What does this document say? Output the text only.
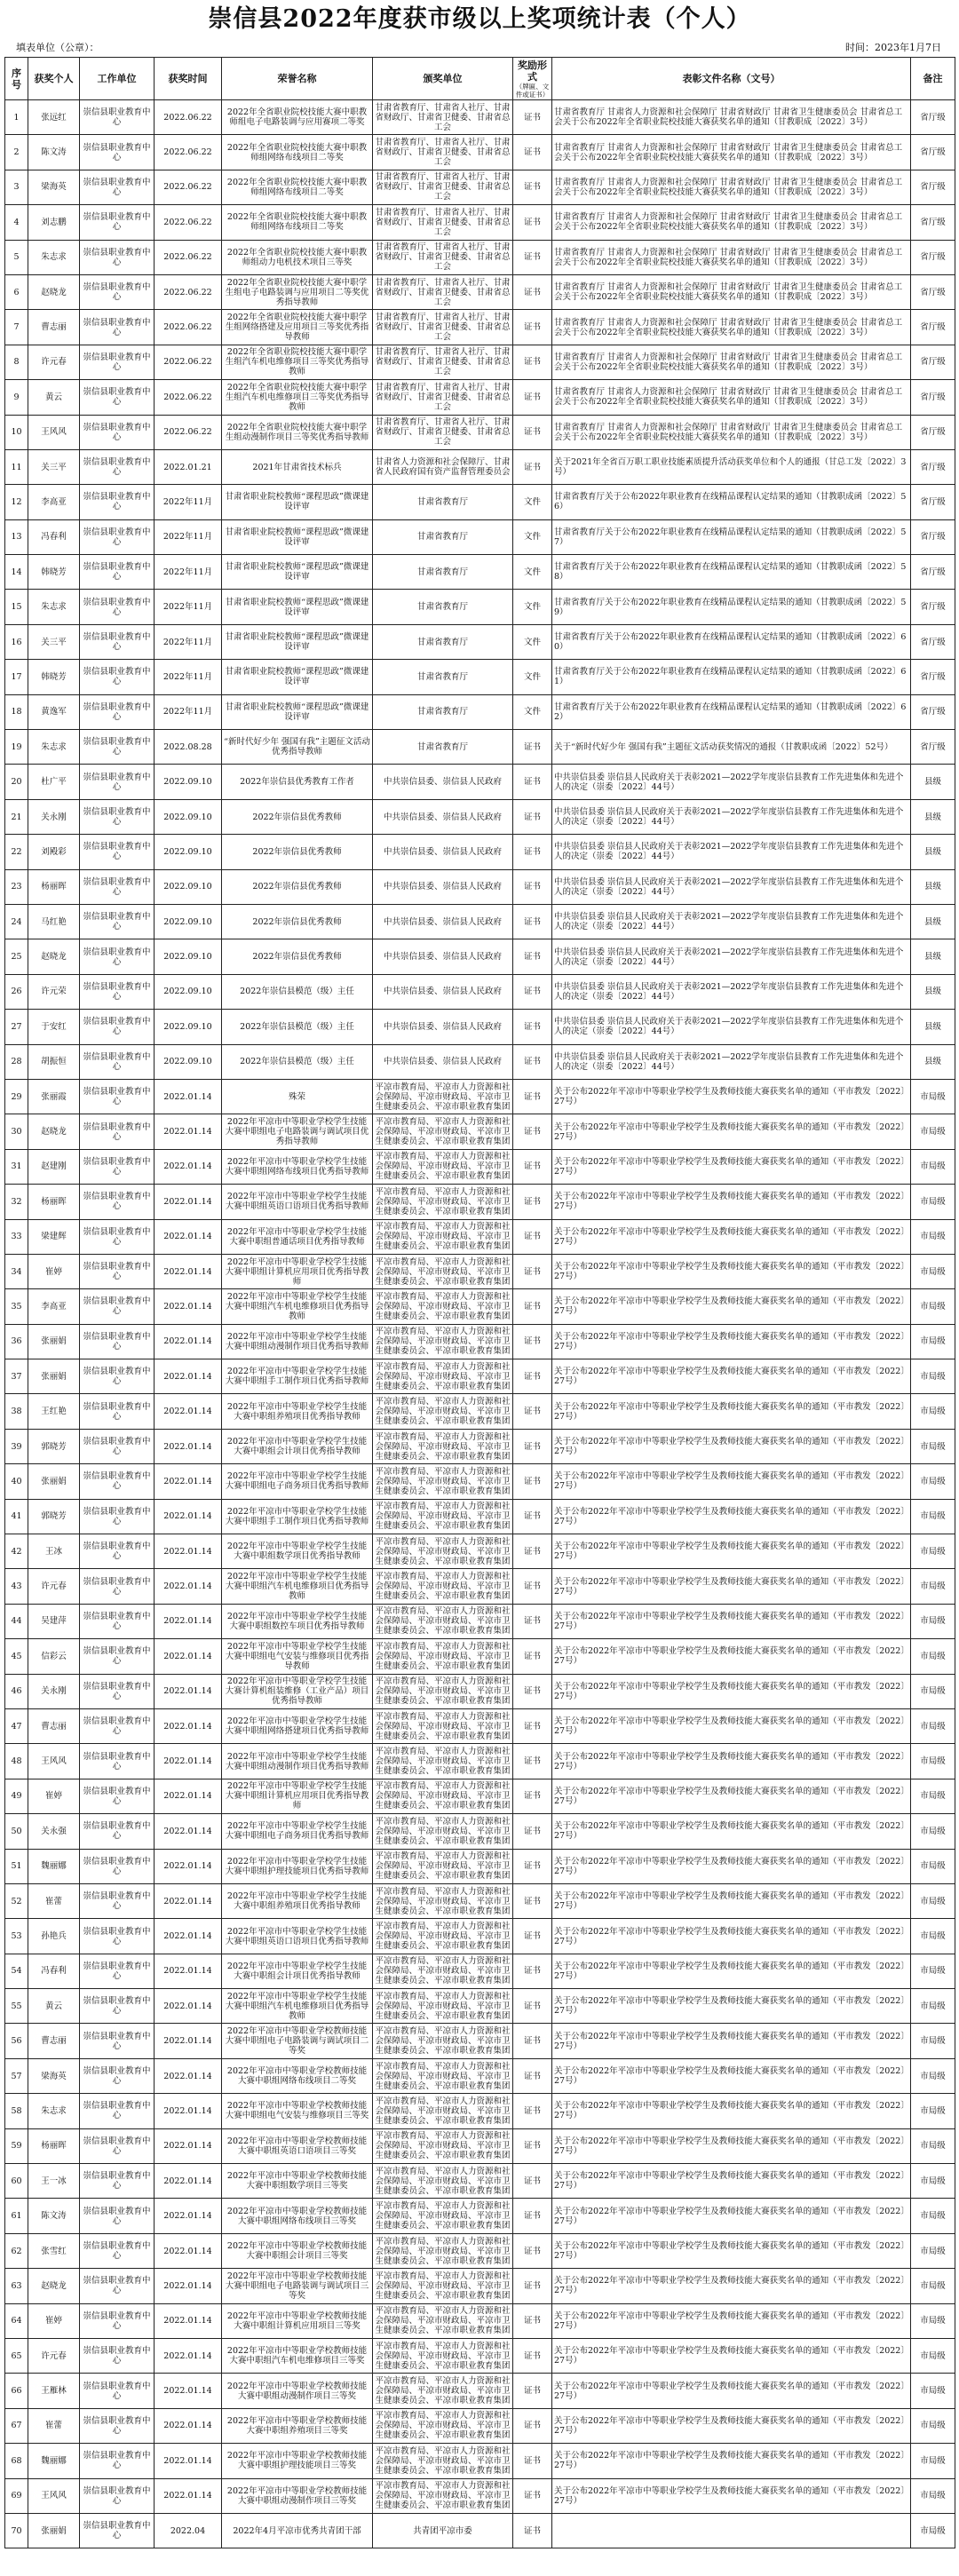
崇信县2022年度获市级以上奖项统计表（个人）
填表单位（公章）：	时间：2023年1月7日
序号	获奖个人	工作单位	获奖时间	荣誉名称	颁奖单位	奖励形式
（牌匾、文件或证书）	表彰文件名称（文号）	备注
1	张远红	崇信县职业教育中心	2022.06.22	2022年全省职业院校技能大赛中职教师组电子电路装调与应用赛项二等奖	甘肃省教育厅、甘肃省人社厅、甘肃省财政厅、甘肃省卫健委、甘肃省总工会	证书	甘肃省教育厅 甘肃省人力资源和社会保障厅 甘肃省财政厅 甘肃省卫生健康委员会 甘肃省总工会关于公布2022年全省职业院校技能大赛获奖名单的通知（甘教职成〔2022〕3号）	省厅级
2	陈文涛	崇信县职业教育中心	2022.06.22	2022年全省职业院校技能大赛中职教师组网络布线项目二等奖	甘肃省教育厅、甘肃省人社厅、甘肃省财政厅、甘肃省卫健委、甘肃省总工会	证书	甘肃省教育厅 甘肃省人力资源和社会保障厅 甘肃省财政厅 甘肃省卫生健康委员会 甘肃省总工会关于公布2022年全省职业院校技能大赛获奖名单的通知（甘教职成〔2022〕3号）	省厅级
3	梁海英	崇信县职业教育中心	2022.06.22	2022年全省职业院校技能大赛中职教师组网络布线项目二等奖	甘肃省教育厅、甘肃省人社厅、甘肃省财政厅、甘肃省卫健委、甘肃省总工会	证书	甘肃省教育厅 甘肃省人力资源和社会保障厅 甘肃省财政厅 甘肃省卫生健康委员会 甘肃省总工会关于公布2022年全省职业院校技能大赛获奖名单的通知（甘教职成〔2022〕3号）	省厅级
4	刘志鹏	崇信县职业教育中心	2022.06.22	2022年全省职业院校技能大赛中职教师组网络布线项目二等奖	甘肃省教育厅、甘肃省人社厅、甘肃省财政厅、甘肃省卫健委、甘肃省总工会	证书	甘肃省教育厅 甘肃省人力资源和社会保障厅 甘肃省财政厅 甘肃省卫生健康委员会 甘肃省总工会关于公布2022年全省职业院校技能大赛获奖名单的通知（甘教职成〔2022〕3号）	省厅级
5	朱志求	崇信县职业教育中心	2022.06.22	2022年全省职业院校技能大赛中职教师组动力电机技术项目三等奖	甘肃省教育厅、甘肃省人社厅、甘肃省财政厅、甘肃省卫健委、甘肃省总工会	证书	甘肃省教育厅 甘肃省人力资源和社会保障厅 甘肃省财政厅 甘肃省卫生健康委员会 甘肃省总工会关于公布2022年全省职业院校技能大赛获奖名单的通知（甘教职成〔2022〕3号）	省厅级
6	赵晓龙	崇信县职业教育中心	2022.06.22	2022年全省职业院校技能大赛中职学生组电子电路装调与应用项目二等奖优秀指导教师	甘肃省教育厅、甘肃省人社厅、甘肃省财政厅、甘肃省卫健委、甘肃省总工会	证书	甘肃省教育厅 甘肃省人力资源和社会保障厅 甘肃省财政厅 甘肃省卫生健康委员会 甘肃省总工会关于公布2022年全省职业院校技能大赛获奖名单的通知（甘教职成〔2022〕3号）	省厅级
7	曹志丽	崇信县职业教育中心	2022.06.22	2022年全省职业院校技能大赛中职学生组网络搭建及应用项目三等奖优秀指导教师	甘肃省教育厅、甘肃省人社厅、甘肃省财政厅、甘肃省卫健委、甘肃省总工会	证书	甘肃省教育厅 甘肃省人力资源和社会保障厅 甘肃省财政厅 甘肃省卫生健康委员会 甘肃省总工会关于公布2022年全省职业院校技能大赛获奖名单的通知（甘教职成〔2022〕3号）	省厅级
8	许元春	崇信县职业教育中心	2022.06.22	2022年全省职业院校技能大赛中职学生组汽车机电维修项目三等奖优秀指导教师	甘肃省教育厅、甘肃省人社厅、甘肃省财政厅、甘肃省卫健委、甘肃省总工会	证书	甘肃省教育厅 甘肃省人力资源和社会保障厅 甘肃省财政厅 甘肃省卫生健康委员会 甘肃省总工会关于公布2022年全省职业院校技能大赛获奖名单的通知（甘教职成〔2022〕3号）	省厅级
9	黄云	崇信县职业教育中心	2022.06.22	2022年全省职业院校技能大赛中职学生组汽车机电维修项目三等奖优秀指导教师	甘肃省教育厅、甘肃省人社厅、甘肃省财政厅、甘肃省卫健委、甘肃省总工会	证书	甘肃省教育厅 甘肃省人力资源和社会保障厅 甘肃省财政厅 甘肃省卫生健康委员会 甘肃省总工会关于公布2022年全省职业院校技能大赛获奖名单的通知（甘教职成〔2022〕3号）	省厅级
10	王风风	崇信县职业教育中心	2022.06.22	2022年全省职业院校技能大赛中职学生组动漫制作项目三等奖优秀指导教师	甘肃省教育厅、甘肃省人社厅、甘肃省财政厅、甘肃省卫健委、甘肃省总工会	证书	甘肃省教育厅 甘肃省人力资源和社会保障厅 甘肃省财政厅 甘肃省卫生健康委员会 甘肃省总工会关于公布2022年全省职业院校技能大赛获奖名单的通知（甘教职成〔2022〕3号）	省厅级
11	关三平	崇信县职业教育中心	2022.01.21	2021年甘肃省技术标兵	甘肃省人力资源和社会保障厅、甘肃省人民政府国有资产监督管理委员会	证书	关于2021年全省百万职工职业技能素质提升活动获奖单位和个人的通报（甘总工发〔2022〕3号）	省厅级
12	李高亚	崇信县职业教育中心	2022年11月	甘肃省职业院校教师“课程思政”微课建设评审	甘肃省教育厅	文件	甘肃省教育厅关于公布2022年职业教育在线精品课程认定结果的通知（甘教职成函〔2022〕56）	省厅级
13	冯春利	崇信县职业教育中心	2022年11月	甘肃省职业院校教师“课程思政”微课建设评审	甘肃省教育厅	文件	甘肃省教育厅关于公布2022年职业教育在线精品课程认定结果的通知（甘教职成函〔2022〕57）	省厅级
14	韩晓芳	崇信县职业教育中心	2022年11月	甘肃省职业院校教师“课程思政”微课建设评审	甘肃省教育厅	文件	甘肃省教育厅关于公布2022年职业教育在线精品课程认定结果的通知（甘教职成函〔2022〕58）	省厅级
15	朱志求	崇信县职业教育中心	2022年11月	甘肃省职业院校教师“课程思政”微课建设评审	甘肃省教育厅	文件	甘肃省教育厅关于公布2022年职业教育在线精品课程认定结果的通知（甘教职成函〔2022〕59）	省厅级
16	关三平	崇信县职业教育中心	2022年11月	甘肃省职业院校教师“课程思政”微课建设评审	甘肃省教育厅	文件	甘肃省教育厅关于公布2022年职业教育在线精品课程认定结果的通知（甘教职成函〔2022〕60）	省厅级
17	韩晓芳	崇信县职业教育中心	2022年11月	甘肃省职业院校教师“课程思政”微课建设评审	甘肃省教育厅	文件	甘肃省教育厅关于公布2022年职业教育在线精品课程认定结果的通知（甘教职成函〔2022〕61）	省厅级
18	黄逸军	崇信县职业教育中心	2022年11月	甘肃省职业院校教师“课程思政”微课建设评审	甘肃省教育厅	文件	甘肃省教育厅关于公布2022年职业教育在线精品课程认定结果的通知（甘教职成函〔2022〕62）	省厅级
19	朱志求	崇信县职业教育中心	2022.08.28	“新时代好少年 强国有我”主题征文活动优秀指导教师	甘肃省教育厅	证书	关于“新时代好少年 强国有我”主题征文活动获奖情况的通报（甘教职成函〔2022〕52号）	省厅级
20	杜广平	崇信县职业教育中心	2022.09.10	2022年崇信县优秀教育工作者	中共崇信县委、崇信县人民政府	证书	中共崇信县委 崇信县人民政府关于表彰2021—2022学年度崇信县教育工作先进集体和先进个人的决定（崇委〔2022〕44号）	县级
21	关永刚	崇信县职业教育中心	2022.09.10	2022年崇信县优秀教师	中共崇信县委、崇信县人民政府	证书	中共崇信县委 崇信县人民政府关于表彰2021—2022学年度崇信县教育工作先进集体和先进个人的决定（崇委〔2022〕44号）	县级
22	刘殿彩	崇信县职业教育中心	2022.09.10	2022年崇信县优秀教师	中共崇信县委、崇信县人民政府	证书	中共崇信县委 崇信县人民政府关于表彰2021—2022学年度崇信县教育工作先进集体和先进个人的决定（崇委〔2022〕44号）	县级
23	杨丽晖	崇信县职业教育中心	2022.09.10	2022年崇信县优秀教师	中共崇信县委、崇信县人民政府	证书	中共崇信县委 崇信县人民政府关于表彰2021—2022学年度崇信县教育工作先进集体和先进个人的决定（崇委〔2022〕44号）	县级
24	马红艳	崇信县职业教育中心	2022.09.10	2022年崇信县优秀教师	中共崇信县委、崇信县人民政府	证书	中共崇信县委 崇信县人民政府关于表彰2021—2022学年度崇信县教育工作先进集体和先进个人的决定（崇委〔2022〕44号）	县级
25	赵晓龙	崇信县职业教育中心	2022.09.10	2022年崇信县优秀教师	中共崇信县委、崇信县人民政府	证书	中共崇信县委 崇信县人民政府关于表彰2021—2022学年度崇信县教育工作先进集体和先进个人的决定（崇委〔2022〕44号）	县级
26	许元荣	崇信县职业教育中心	2022.09.10	2022年崇信县模范（级）主任	中共崇信县委、崇信县人民政府	证书	中共崇信县委 崇信县人民政府关于表彰2021—2022学年度崇信县教育工作先进集体和先进个人的决定（崇委〔2022〕44号）	县级
27	于安红	崇信县职业教育中心	2022.09.10	2022年崇信县模范（级）主任	中共崇信县委、崇信县人民政府	证书	中共崇信县委 崇信县人民政府关于表彰2021—2022学年度崇信县教育工作先进集体和先进个人的决定（崇委〔2022〕44号）	县级
28	胡振恒	崇信县职业教育中心	2022.09.10	2022年崇信县模范（级）主任	中共崇信县委、崇信县人民政府	证书	中共崇信县委 崇信县人民政府关于表彰2021—2022学年度崇信县教育工作先进集体和先进个人的决定（崇委〔2022〕44号）	县级
29	张丽霞	崇信县职业教育中心	2022.01.14	殊荣	平凉市教育局、平凉市人力资源和社会保障局、平凉市财政局、平凉市卫生健康委员会、平凉市职业教育集团	证书	关于公布2022年平凉市中等职业学校学生及教师技能大赛获奖名单的通知（平市教发〔2022〕27号）	市局级
30	赵晓龙	崇信县职业教育中心	2022.01.14	2022年平凉市中等职业学校学生技能大赛中职组电子电路装调与调试项目优秀指导教师	平凉市教育局、平凉市人力资源和社会保障局、平凉市财政局、平凉市卫生健康委员会、平凉市职业教育集团	证书	关于公布2022年平凉市中等职业学校学生及教师技能大赛获奖名单的通知（平市教发〔2022〕27号）	市局级
31	赵建刚	崇信县职业教育中心	2022.01.14	2022年平凉市中等职业学校学生技能大赛中职组网络布线项目优秀指导教师	平凉市教育局、平凉市人力资源和社会保障局、平凉市财政局、平凉市卫生健康委员会、平凉市职业教育集团	证书	关于公布2022年平凉市中等职业学校学生及教师技能大赛获奖名单的通知（平市教发〔2022〕27号）	市局级
32	杨丽晖	崇信县职业教育中心	2022.01.14	2022年平凉市中等职业学校学生技能大赛中职组英语口语项目优秀指导教师	平凉市教育局、平凉市人力资源和社会保障局、平凉市财政局、平凉市卫生健康委员会、平凉市职业教育集团	证书	关于公布2022年平凉市中等职业学校学生及教师技能大赛获奖名单的通知（平市教发〔2022〕27号）	市局级
33	梁建辉	崇信县职业教育中心	2022.01.14	2022年平凉市中等职业学校学生技能大赛中职组普通话项目优秀指导教师	平凉市教育局、平凉市人力资源和社会保障局、平凉市财政局、平凉市卫生健康委员会、平凉市职业教育集团	证书	关于公布2022年平凉市中等职业学校学生及教师技能大赛获奖名单的通知（平市教发〔2022〕27号）	市局级
34	崔婷	崇信县职业教育中心	2022.01.14	2022年平凉市中等职业学校学生技能大赛中职组计算机应用项目优秀指导教师	平凉市教育局、平凉市人力资源和社会保障局、平凉市财政局、平凉市卫生健康委员会、平凉市职业教育集团	证书	关于公布2022年平凉市中等职业学校学生及教师技能大赛获奖名单的通知（平市教发〔2022〕27号）	市局级
35	李高亚	崇信县职业教育中心	2022.01.14	2022年平凉市中等职业学校学生技能大赛中职组汽车机电维修项目优秀指导教师	平凉市教育局、平凉市人力资源和社会保障局、平凉市财政局、平凉市卫生健康委员会、平凉市职业教育集团	证书	关于公布2022年平凉市中等职业学校学生及教师技能大赛获奖名单的通知（平市教发〔2022〕27号）	市局级
36	张丽娟	崇信县职业教育中心	2022.01.14	2022年平凉市中等职业学校学生技能大赛中职组动漫制作项目优秀指导教师	平凉市教育局、平凉市人力资源和社会保障局、平凉市财政局、平凉市卫生健康委员会、平凉市职业教育集团	证书	关于公布2022年平凉市中等职业学校学生及教师技能大赛获奖名单的通知（平市教发〔2022〕27号）	市局级
37	张丽娟	崇信县职业教育中心	2022.01.14	2022年平凉市中等职业学校学生技能大赛中职组手工制作项目优秀指导教师	平凉市教育局、平凉市人力资源和社会保障局、平凉市财政局、平凉市卫生健康委员会、平凉市职业教育集团	证书	关于公布2022年平凉市中等职业学校学生及教师技能大赛获奖名单的通知（平市教发〔2022〕27号）	市局级
38	王红艳	崇信县职业教育中心	2022.01.14	2022年平凉市中等职业学校学生技能大赛中职组养殖项目优秀指导教师	平凉市教育局、平凉市人力资源和社会保障局、平凉市财政局、平凉市卫生健康委员会、平凉市职业教育集团	证书	关于公布2022年平凉市中等职业学校学生及教师技能大赛获奖名单的通知（平市教发〔2022〕27号）	市局级
39	郭晓芳	崇信县职业教育中心	2022.01.14	2022年平凉市中等职业学校学生技能大赛中职组会计项目优秀指导教师	平凉市教育局、平凉市人力资源和社会保障局、平凉市财政局、平凉市卫生健康委员会、平凉市职业教育集团	证书	关于公布2022年平凉市中等职业学校学生及教师技能大赛获奖名单的通知（平市教发〔2022〕27号）	市局级
40	张丽娟	崇信县职业教育中心	2022.01.14	2022年平凉市中等职业学校学生技能大赛中职组电子商务项目优秀指导教师	平凉市教育局、平凉市人力资源和社会保障局、平凉市财政局、平凉市卫生健康委员会、平凉市职业教育集团	证书	关于公布2022年平凉市中等职业学校学生及教师技能大赛获奖名单的通知（平市教发〔2022〕27号）	市局级
41	郭晓芳	崇信县职业教育中心	2022.01.14	2022年平凉市中等职业学校学生技能大赛中职组手工制作项目优秀指导教师	平凉市教育局、平凉市人力资源和社会保障局、平凉市财政局、平凉市卫生健康委员会、平凉市职业教育集团	证书	关于公布2022年平凉市中等职业学校学生及教师技能大赛获奖名单的通知（平市教发〔2022〕27号）	市局级
42	王冰	崇信县职业教育中心	2022.01.14	2022年平凉市中等职业学校学生技能大赛中职组数学项目优秀指导教师	平凉市教育局、平凉市人力资源和社会保障局、平凉市财政局、平凉市卫生健康委员会、平凉市职业教育集团	证书	关于公布2022年平凉市中等职业学校学生及教师技能大赛获奖名单的通知（平市教发〔2022〕27号）	市局级
43	许元春	崇信县职业教育中心	2022.01.14	2022年平凉市中等职业学校学生技能大赛中职组汽车机电维修项目优秀指导教师	平凉市教育局、平凉市人力资源和社会保障局、平凉市财政局、平凉市卫生健康委员会、平凉市职业教育集团	证书	关于公布2022年平凉市中等职业学校学生及教师技能大赛获奖名单的通知（平市教发〔2022〕27号）	市局级
44	吴建萍	崇信县职业教育中心	2022.01.14	2022年平凉市中等职业学校学生技能大赛中职组数控车项目优秀指导教师	平凉市教育局、平凉市人力资源和社会保障局、平凉市财政局、平凉市卫生健康委员会、平凉市职业教育集团	证书	关于公布2022年平凉市中等职业学校学生及教师技能大赛获奖名单的通知（平市教发〔2022〕27号）	市局级
45	信彩云	崇信县职业教育中心	2022.01.14	2022年平凉市中等职业学校学生技能大赛中职组电气安装与维修项目优秀指导教师	平凉市教育局、平凉市人力资源和社会保障局、平凉市财政局、平凉市卫生健康委员会、平凉市职业教育集团	证书	关于公布2022年平凉市中等职业学校学生及教师技能大赛获奖名单的通知（平市教发〔2022〕27号）	市局级
46	关永刚	崇信县职业教育中心	2022.01.14	2022年平凉市中等职业学校学生技能大赛计算机组装维修（工业产品）项目优秀指导教师	平凉市教育局、平凉市人力资源和社会保障局、平凉市财政局、平凉市卫生健康委员会、平凉市职业教育集团	证书	关于公布2022年平凉市中等职业学校学生及教师技能大赛获奖名单的通知（平市教发〔2022〕27号）	市局级
47	曹志丽	崇信县职业教育中心	2022.01.14	2022年平凉市中等职业学校学生技能大赛中职组网络搭建项目优秀指导教师	平凉市教育局、平凉市人力资源和社会保障局、平凉市财政局、平凉市卫生健康委员会、平凉市职业教育集团	证书	关于公布2022年平凉市中等职业学校学生及教师技能大赛获奖名单的通知（平市教发〔2022〕27号）	市局级
48	王风风	崇信县职业教育中心	2022.01.14	2022年平凉市中等职业学校学生技能大赛中职组动漫制作项目优秀指导教师	平凉市教育局、平凉市人力资源和社会保障局、平凉市财政局、平凉市卫生健康委员会、平凉市职业教育集团	证书	关于公布2022年平凉市中等职业学校学生及教师技能大赛获奖名单的通知（平市教发〔2022〕27号）	市局级
49	崔婷	崇信县职业教育中心	2022.01.14	2022年平凉市中等职业学校学生技能大赛中职组计算机应用项目优秀指导教师	平凉市教育局、平凉市人力资源和社会保障局、平凉市财政局、平凉市卫生健康委员会、平凉市职业教育集团	证书	关于公布2022年平凉市中等职业学校学生及教师技能大赛获奖名单的通知（平市教发〔2022〕27号）	市局级
50	关永强	崇信县职业教育中心	2022.01.14	2022年平凉市中等职业学校学生技能大赛中职组电子商务项目优秀指导教师	平凉市教育局、平凉市人力资源和社会保障局、平凉市财政局、平凉市卫生健康委员会、平凉市职业教育集团	证书	关于公布2022年平凉市中等职业学校学生及教师技能大赛获奖名单的通知（平市教发〔2022〕27号）	市局级
51	魏丽娜	崇信县职业教育中心	2022.01.14	2022年平凉市中等职业学校学生技能大赛中职组护理技能项目优秀指导教师	平凉市教育局、平凉市人力资源和社会保障局、平凉市财政局、平凉市卫生健康委员会、平凉市职业教育集团	证书	关于公布2022年平凉市中等职业学校学生及教师技能大赛获奖名单的通知（平市教发〔2022〕27号）	市局级
52	崔蕾	崇信县职业教育中心	2022.01.14	2022年平凉市中等职业学校学生技能大赛中职组养殖项目优秀指导教师	平凉市教育局、平凉市人力资源和社会保障局、平凉市财政局、平凉市卫生健康委员会、平凉市职业教育集团	证书	关于公布2022年平凉市中等职业学校学生及教师技能大赛获奖名单的通知（平市教发〔2022〕27号）	市局级
53	孙艳兵	崇信县职业教育中心	2022.01.14	2022年平凉市中等职业学校学生技能大赛中职组英语口语项目优秀指导教师	平凉市教育局、平凉市人力资源和社会保障局、平凉市财政局、平凉市卫生健康委员会、平凉市职业教育集团	证书	关于公布2022年平凉市中等职业学校学生及教师技能大赛获奖名单的通知（平市教发〔2022〕27号）	市局级
54	冯春利	崇信县职业教育中心	2022.01.14	2022年平凉市中等职业学校学生技能大赛中职组会计项目优秀指导教师	平凉市教育局、平凉市人力资源和社会保障局、平凉市财政局、平凉市卫生健康委员会、平凉市职业教育集团	证书	关于公布2022年平凉市中等职业学校学生及教师技能大赛获奖名单的通知（平市教发〔2022〕27号）	市局级
55	黄云	崇信县职业教育中心	2022.01.14	2022年平凉市中等职业学校学生技能大赛中职组汽车机电维修项目优秀指导教师	平凉市教育局、平凉市人力资源和社会保障局、平凉市财政局、平凉市卫生健康委员会、平凉市职业教育集团	证书	关于公布2022年平凉市中等职业学校学生及教师技能大赛获奖名单的通知（平市教发〔2022〕27号）	市局级
56	曹志丽	崇信县职业教育中心	2022.01.14	2022年平凉市中等职业学校教师技能大赛中职组电子电路装调与调试项目二等奖	平凉市教育局、平凉市人力资源和社会保障局、平凉市财政局、平凉市卫生健康委员会、平凉市职业教育集团	证书	关于公布2022年平凉市中等职业学校学生及教师技能大赛获奖名单的通知（平市教发〔2022〕27号）	市局级
57	梁海英	崇信县职业教育中心	2022.01.14	2022年平凉市中等职业学校教师技能大赛中职组网络布线项目二等奖	平凉市教育局、平凉市人力资源和社会保障局、平凉市财政局、平凉市卫生健康委员会、平凉市职业教育集团	证书	关于公布2022年平凉市中等职业学校学生及教师技能大赛获奖名单的通知（平市教发〔2022〕27号）	市局级
58	朱志求	崇信县职业教育中心	2022.01.14	2022年平凉市中等职业学校教师技能大赛中职组电气安装与维修项目三等奖	平凉市教育局、平凉市人力资源和社会保障局、平凉市财政局、平凉市卫生健康委员会、平凉市职业教育集团	证书	关于公布2022年平凉市中等职业学校学生及教师技能大赛获奖名单的通知（平市教发〔2022〕27号）	市局级
59	杨丽晖	崇信县职业教育中心	2022.01.14	2022年平凉市中等职业学校教师技能大赛中职组英语口语项目三等奖	平凉市教育局、平凉市人力资源和社会保障局、平凉市财政局、平凉市卫生健康委员会、平凉市职业教育集团	证书	关于公布2022年平凉市中等职业学校学生及教师技能大赛获奖名单的通知（平市教发〔2022〕27号）	市局级
60	王一冰	崇信县职业教育中心	2022.01.14	2022年平凉市中等职业学校教师技能大赛中职组数学项目三等奖	平凉市教育局、平凉市人力资源和社会保障局、平凉市财政局、平凉市卫生健康委员会、平凉市职业教育集团	证书	关于公布2022年平凉市中等职业学校学生及教师技能大赛获奖名单的通知（平市教发〔2022〕27号）	市局级
61	陈文涛	崇信县职业教育中心	2022.01.14	2022年平凉市中等职业学校教师技能大赛中职组网络布线项目三等奖	平凉市教育局、平凉市人力资源和社会保障局、平凉市财政局、平凉市卫生健康委员会、平凉市职业教育集团	证书	关于公布2022年平凉市中等职业学校学生及教师技能大赛获奖名单的通知（平市教发〔2022〕27号）	市局级
62	张雪红	崇信县职业教育中心	2022.01.14	2022年平凉市中等职业学校教师技能大赛中职组会计项目三等奖	平凉市教育局、平凉市人力资源和社会保障局、平凉市财政局、平凉市卫生健康委员会、平凉市职业教育集团	证书	关于公布2022年平凉市中等职业学校学生及教师技能大赛获奖名单的通知（平市教发〔2022〕27号）	市局级
63	赵晓龙	崇信县职业教育中心	2022.01.14	2022年平凉市中等职业学校教师技能大赛中职组电子电路装调与调试项目三等奖	平凉市教育局、平凉市人力资源和社会保障局、平凉市财政局、平凉市卫生健康委员会、平凉市职业教育集团	证书	关于公布2022年平凉市中等职业学校学生及教师技能大赛获奖名单的通知（平市教发〔2022〕27号）	市局级
64	崔婷	崇信县职业教育中心	2022.01.14	2022年平凉市中等职业学校教师技能大赛中职组计算机应用项目三等奖	平凉市教育局、平凉市人力资源和社会保障局、平凉市财政局、平凉市卫生健康委员会、平凉市职业教育集团	证书	关于公布2022年平凉市中等职业学校学生及教师技能大赛获奖名单的通知（平市教发〔2022〕27号）	市局级
65	许元春	崇信县职业教育中心	2022.01.14	2022年平凉市中等职业学校教师技能大赛中职组汽车机电维修项目三等奖	平凉市教育局、平凉市人力资源和社会保障局、平凉市财政局、平凉市卫生健康委员会、平凉市职业教育集团	证书	关于公布2022年平凉市中等职业学校学生及教师技能大赛获奖名单的通知（平市教发〔2022〕27号）	市局级
66	王雁林	崇信县职业教育中心	2022.01.14	2022年平凉市中等职业学校教师技能大赛中职组动漫制作项目三等奖	平凉市教育局、平凉市人力资源和社会保障局、平凉市财政局、平凉市卫生健康委员会、平凉市职业教育集团	证书	关于公布2022年平凉市中等职业学校学生及教师技能大赛获奖名单的通知（平市教发〔2022〕27号）	市局级
67	崔蕾	崇信县职业教育中心	2022.01.14	2022年平凉市中等职业学校教师技能大赛中职组养殖项目三等奖	平凉市教育局、平凉市人力资源和社会保障局、平凉市财政局、平凉市卫生健康委员会、平凉市职业教育集团	证书	关于公布2022年平凉市中等职业学校学生及教师技能大赛获奖名单的通知（平市教发〔2022〕27号）	市局级
68	魏丽娜	崇信县职业教育中心	2022.01.14	2022年平凉市中等职业学校教师技能大赛中职组护理技能项目三等奖	平凉市教育局、平凉市人力资源和社会保障局、平凉市财政局、平凉市卫生健康委员会、平凉市职业教育集团	证书	关于公布2022年平凉市中等职业学校学生及教师技能大赛获奖名单的通知（平市教发〔2022〕27号）	市局级
69	王风风	崇信县职业教育中心	2022.01.14	2022年平凉市中等职业学校教师技能大赛中职组动漫制作项目三等奖	平凉市教育局、平凉市人力资源和社会保障局、平凉市财政局、平凉市卫生健康委员会、平凉市职业教育集团	证书	关于公布2022年平凉市中等职业学校学生及教师技能大赛获奖名单的通知（平市教发〔2022〕27号）	市局级
70	张丽娟	崇信县职业教育中心	2022.04	2022年4月平凉市优秀共青团干部	共青团平凉市委	证书		市局级
